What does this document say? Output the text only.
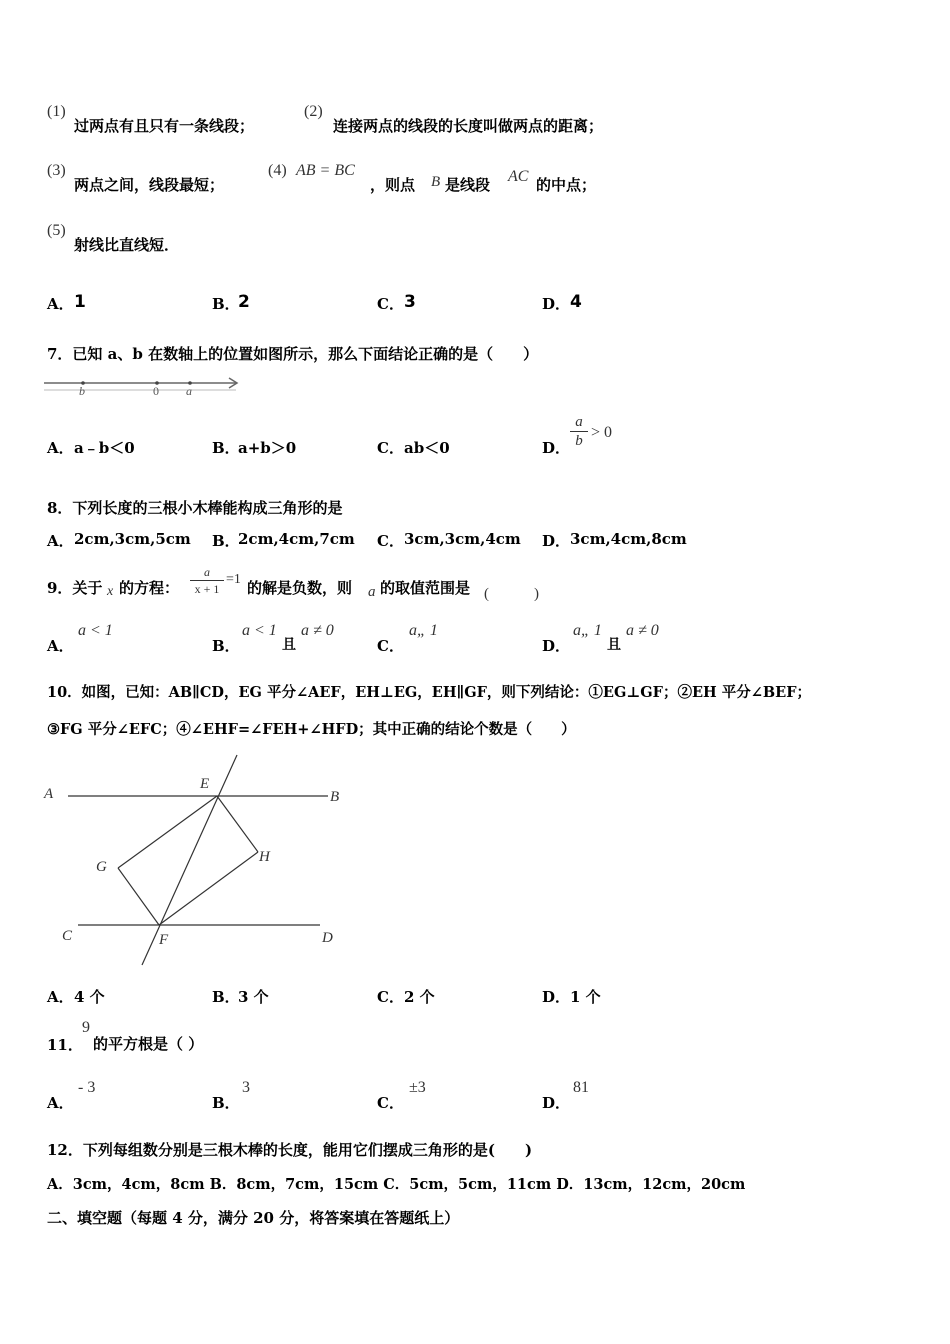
(1)
过两点有且只有一条线段；
(2)
连接两点的线段的长度叫做两点的距离；
(3)
两点之间，线段最短；
(4) AB = BC
，则点 B 是线段 AC 的中点；
(5)
射线比直线短．
A． 1	B．
2	C． 3	D． 4
7．已知 a、b 在数轴上的位置如图所示，那么下面结论正确的是（　　）
b	0 a
A． a﹣b＜0	B．
a+b＞0	C． ab＜0	D． $\frac{a}{b} > 0$
8．下列长度的三根小木棒能构成三角形的是
A． 2cm,3cm,5cm B．
2cm,4cm,7cm C． 3cm,3cm,4cm D． 3cm,4cm,8cm
9．关于 x 的方程： $\frac{a}{x + 1} =1$ 的解是负数，则 a 的取值范围是 (　　　)
A．
a < 1
B．
a < 1
且
a ≠ 0
C．
a„ 1
D．
a„ 1
且
a ≠ 0
10．如图，已知：AB∥CD，EG 平分∠AEF，EH⊥EG，EH∥GF，则下列结论：①EG⊥GF；②EH 平分∠BEF；
③FG 平分∠EFC；④∠EHF=∠FEH+∠HFD；其中正确的结论个数是（　　）
A	B
C	D
E
F
G
H
A． 4 个	B．
3 个	C． 2 个	D． 1 个
11．
9
的平方根是（ ）
A．
- 3
B．
3
C．
±3
D．
81
12．下列每组数分别是三根木棒的长度，能用它们摆成三角形的是(　　)
A．3cm，4cm，8cm B．8cm，7cm，15cm C．5cm，5cm，11cm D．13cm，12cm，20cm
二、填空题（每题 4 分，满分 20 分，将答案填在答题纸上）
